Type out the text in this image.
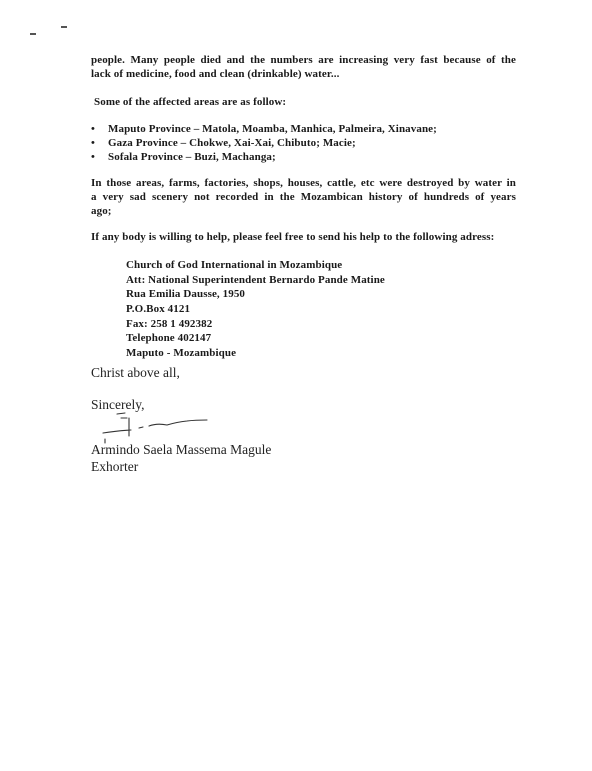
people. Many people died and the numbers are increasing very fast because of the
lack of medicine, food and clean (drinkable) water...

Some of the affected areas are as follow:

• Maputo Province – Matola, Moamba, Manhica, Palmeira, Xinavane;
• Gaza Province – Chokwe, Xai-Xai, Chibuto; Macie;
• Sofala Province – Buzi, Machanga;

In those areas, farms, factories, shops, houses, cattle, etc were destroyed by water in
a very sad scenery not recorded in the Mozambican history of hundreds of years
ago;

If any body is willing to help, please feel free to send his help to the following adress:

Church of God International in Mozambique
Att: National Superintendent Bernardo Pande Matine
Rua Emilia Dausse, 1950
P.O.Box 4121
Fax: 258 1 492382
Telephone 402147
Maputo - Mozambique
Christ above all,
Sincerely,
Armindo Saela Massema Magule
Exhorter
